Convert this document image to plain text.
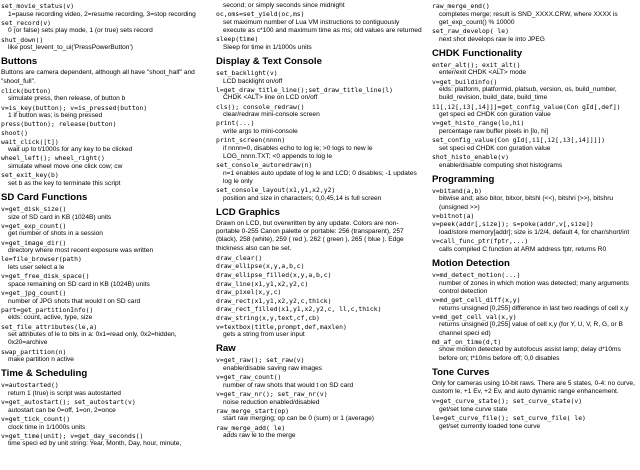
set_movie_status(v)
1=pause recording video, 2=resume recording, 3=stop recording
set_record(v)
0 (or false) sets play mode, 1 (or true) sets record
shut_down()
like post_levent_to_ui('PressPowerButton')
Buttons

Buttons are camera dependent, although all have "shoot_half" and "shoot_full".

click(button)
simulate press, then release, of button b
v=is_key(button); v=is_pressed(button)
1 if button was; is being pressed
press(button); release(button)
shoot()
wait_click([t])
wait up to t/1000s for any key to be clicked
wheel_left(); wheel_right()
simulate wheel move one click cow; cw
set_exit_key(b)
set b as the key to terminate this script
SD Card Functions
v=get_disk_size()
size of SD card in KB (1024B) units
v=get_exp_count()
get number of shots in a session
v=get_image_dir()
directory where most recent exposure was written
le=file_browser(path)
lets user select a le
v=get_free_disk_space()
space remaining on SD card in KB (1024B) units
v=get_jpg_count()
number of JPG shots that would t on SD card
part=get_partitionInfo()
elds: count, active, type, size
set_file_attributes(le,a)
set attributes of le to bits in a: 0x1=read only, 0x2=hidden, 0x20=archive
swap_partition(n)
make partition n active
Time & Scheduling
v=autostarted()
return 1 (true) is script was autostarted
v=get_autostart(); set_autostart(v)
autostart can be 0=off, 1=on, 2=once
v=get_tick_count()
clock time in 1/1000s units
v=get_time(unit); v=get_day_seconds()
time speci ed by unit string: Year, Month, Day, hour, minute,
second; or simply seconds since midnight
oc,oms=set_yield(oc,ms)
set maximum number of Lua VM instructions to contiguously execute as c*100 and maximum time as ms; old values are returned
sleep(time)
Sleep for time in 1/1000s units
Display & Text Console
set_backlight(v)
LCD backlight on/off
l=get_draw_title_line();set_draw_title_line(l)
CHDK <ALT> line on LCD on/off
cls(); console_redraw()
clear/redraw mini-console screen
print(...)
write args to mini-console
print_screen(nnnn)
if nnnn=0, disables echo to log le; >0 logs to new le LOG_nnnn.TXT; <0 appends to log le
set_console_autoredraw(n)
n=1 enables auto update of log le and LCD; 0 disables; -1 updates log le only
set_console_layout(x1,y1,x2,y2)
position and size in characters; 0,0,45,14 is full screen
LCD Graphics

Drawn on LCD, but overwritten by any update. Colors are non-portable 0-255 Canon palette or portable: 256 (transparent), 257 (black), 258 (white), 259 ( red ), 262 ( green ), 265 ( blue ). Edge thickness also can be set.

draw_clear()
draw_ellipse(x,y,a,b,c)
draw_ellipse_filled(x,y,a,b,c)
draw_line(x1,y1,x2,y2,c)
draw_pixel(x,y,c)
draw_rect(x1,y1,x2,y2,c,thick)
draw_rect_filled(x1,y1,x2,y2,c, ll,c,thick)
draw_string(x,y,text,cf,cb)
v=textbox(title,prompt,def,maxlen)
gets a string from user input
Raw
v=get_raw(); set_raw(v)
enable/disable saving raw images
v=get_raw_count()
number of raw shots that would t on SD card
v=get_raw_nr(); set_raw_nr(v)
noise reduction enabled/disabled
raw_merge_start(op)
start raw merging; op can be 0 (sum) or 1 (average)
raw_merge_add( le)
adds raw le to the merge
raw_merge_end()
completes merge; result is SND_XXXX.CRW, where XXXX is get_exp_count() % 10000
set_raw_develop( le)
next shot develops raw le into JPEG
CHDK Functionality
enter_alt(); exit_alt()
enter/exit CHDK <ALT> mode
v=get_buildinfo()
elds: platform, platformid, platsub, version, os, build_number, build_revision, build_date, build_time
i1[,i2[,i3[,i4]]]=get_config_value(Con gId[,def])
get speci ed CHDK con guration value
v=get_histo_range(lo,hi)
percentage raw buffer pixels in [lo, hi]
set_config_value(Con gId[,i1[,i2[,i3[,i4]]]])
set speci ed CHDK con guration value
shot_histo_enable(v)
enable/disable computing shot histograms
Programming
v=bitand(a,b)
bitwise and; also bitor, bitxor, bitshl (<<), bitshri (>>), bitshru (unsigned >>)
v=bitnot(a)
v=peek(addr[,size]); s=poke(addr,v[,size])
load/store memory[addr]; size is 1/2/4, default 4, for char/short/int
v=call_func_ptr(fptr,...)
calls compiled C function at ARM address fptr, returns R0
Motion Detection
v=md_detect_motion(...)
number of zones in which motion was detected; many arguments control detection
v=md_get_cell_diff(x,y)
returns unsigned [0,255] difference in last two readings of cell x,y
v=md_get_cell_val(x,y)
returns unsigned [0,255] value of cell x,y (for Y, U, V, R, G, or B channel speci ed)
md_af_on_time(d,t)
show motion detected by autofocus assist lamp; delay d*10ms before on; t*10ms before off; 0,0 disables
Tone Curves

Only for cameras using 10-bit raws. There are 5 states, 0-4: no curve, custom le, +1 Ev, +2 Ev, and auto dynamic range enhancement.

v=get_curve_state(); set_curve_state(v)
get/set tone curve state
le=get_curve_file(); set_curve_file( le)
get/set currently loaded tone curve
